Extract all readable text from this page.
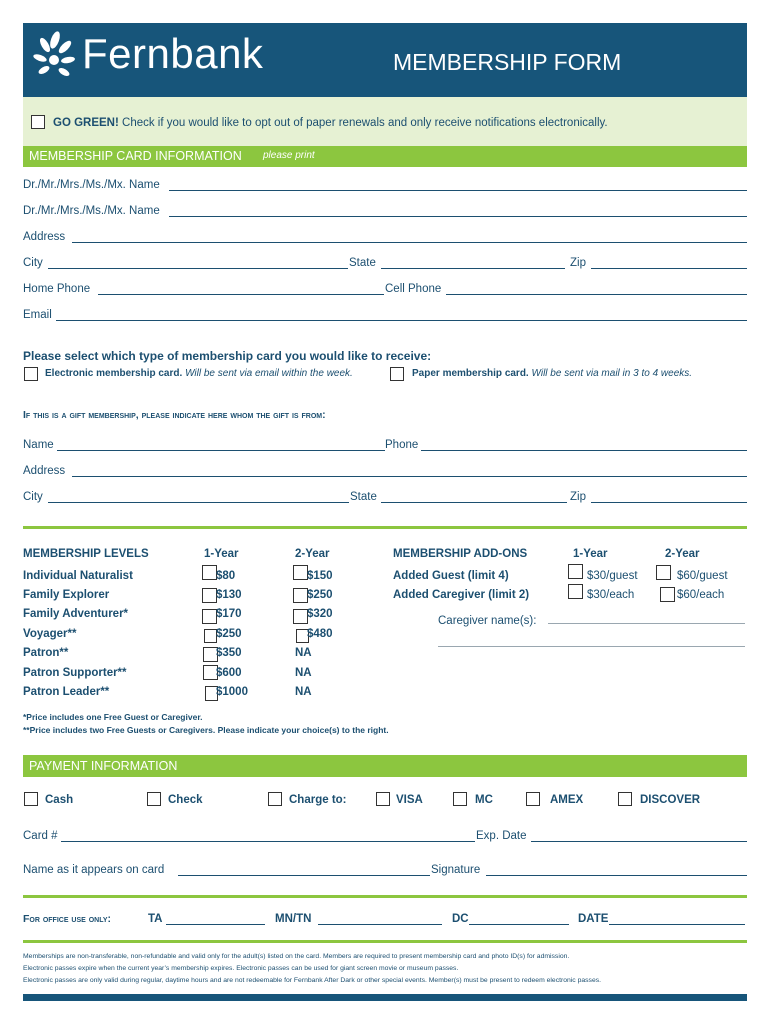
Fernbank	MEMBERSHIP FORM
GO GREEN! Check if you would like to opt out of paper renewals and only receive notifications electronically.
MEMBERSHIP CARD INFORMATION please print
Dr./Mr./Mrs./Ms./Mx. Name
Dr./Mr./Mrs./Ms./Mx. Name
Address
City	State	Zip
Home Phone	Cell Phone
Email
Please select which type of membership card you would like to receive:
Electronic membership card. Will be sent via email within the week.	Paper membership card. Will be sent via mail in 3 to 4 weeks.
If this is a gift membership, please indicate here whom the gift is from:
Name	Phone
Address
City	State	Zip
MEMBERSHIP LEVELS	1-Year	2-Year
Individual Naturalist	$80	$150
Family Explorer	$130	$250
Family Adventurer*	$170	$320
Voyager**	$250	$480
Patron**	$350	NA
Patron Supporter**	$600	NA
Patron Leader**	$1000	NA
MEMBERSHIP ADD-ONS	1-Year	2-Year
Added Guest (limit 4)	$30/guest	$60/guest
Added Caregiver (limit 2)	$30/each	$60/each
Caregiver name(s):
*Price includes one Free Guest or Caregiver.
**Price includes two Free Guests or Caregivers. Please indicate your choice(s) to the right.
PAYMENT INFORMATION
Cash	Check	Charge to:	VISA	MC	AMEX	DISCOVER
Card #	Exp. Date
Name as it appears on card	Signature
For office use only:	TA	MN/TN	DC	DATE
Memberships are non-transferable, non-refundable and valid only for the adult(s) listed on the card. Members are required to present membership card and photo ID(s) for admission.
Electronic passes expire when the current year’s membership expires. Electronic passes can be used for giant screen movie or museum passes.
Electronic passes are only valid during regular, daytime hours and are not redeemable for Fernbank After Dark or other special events. Member(s) must be present to redeem electronic passes.
